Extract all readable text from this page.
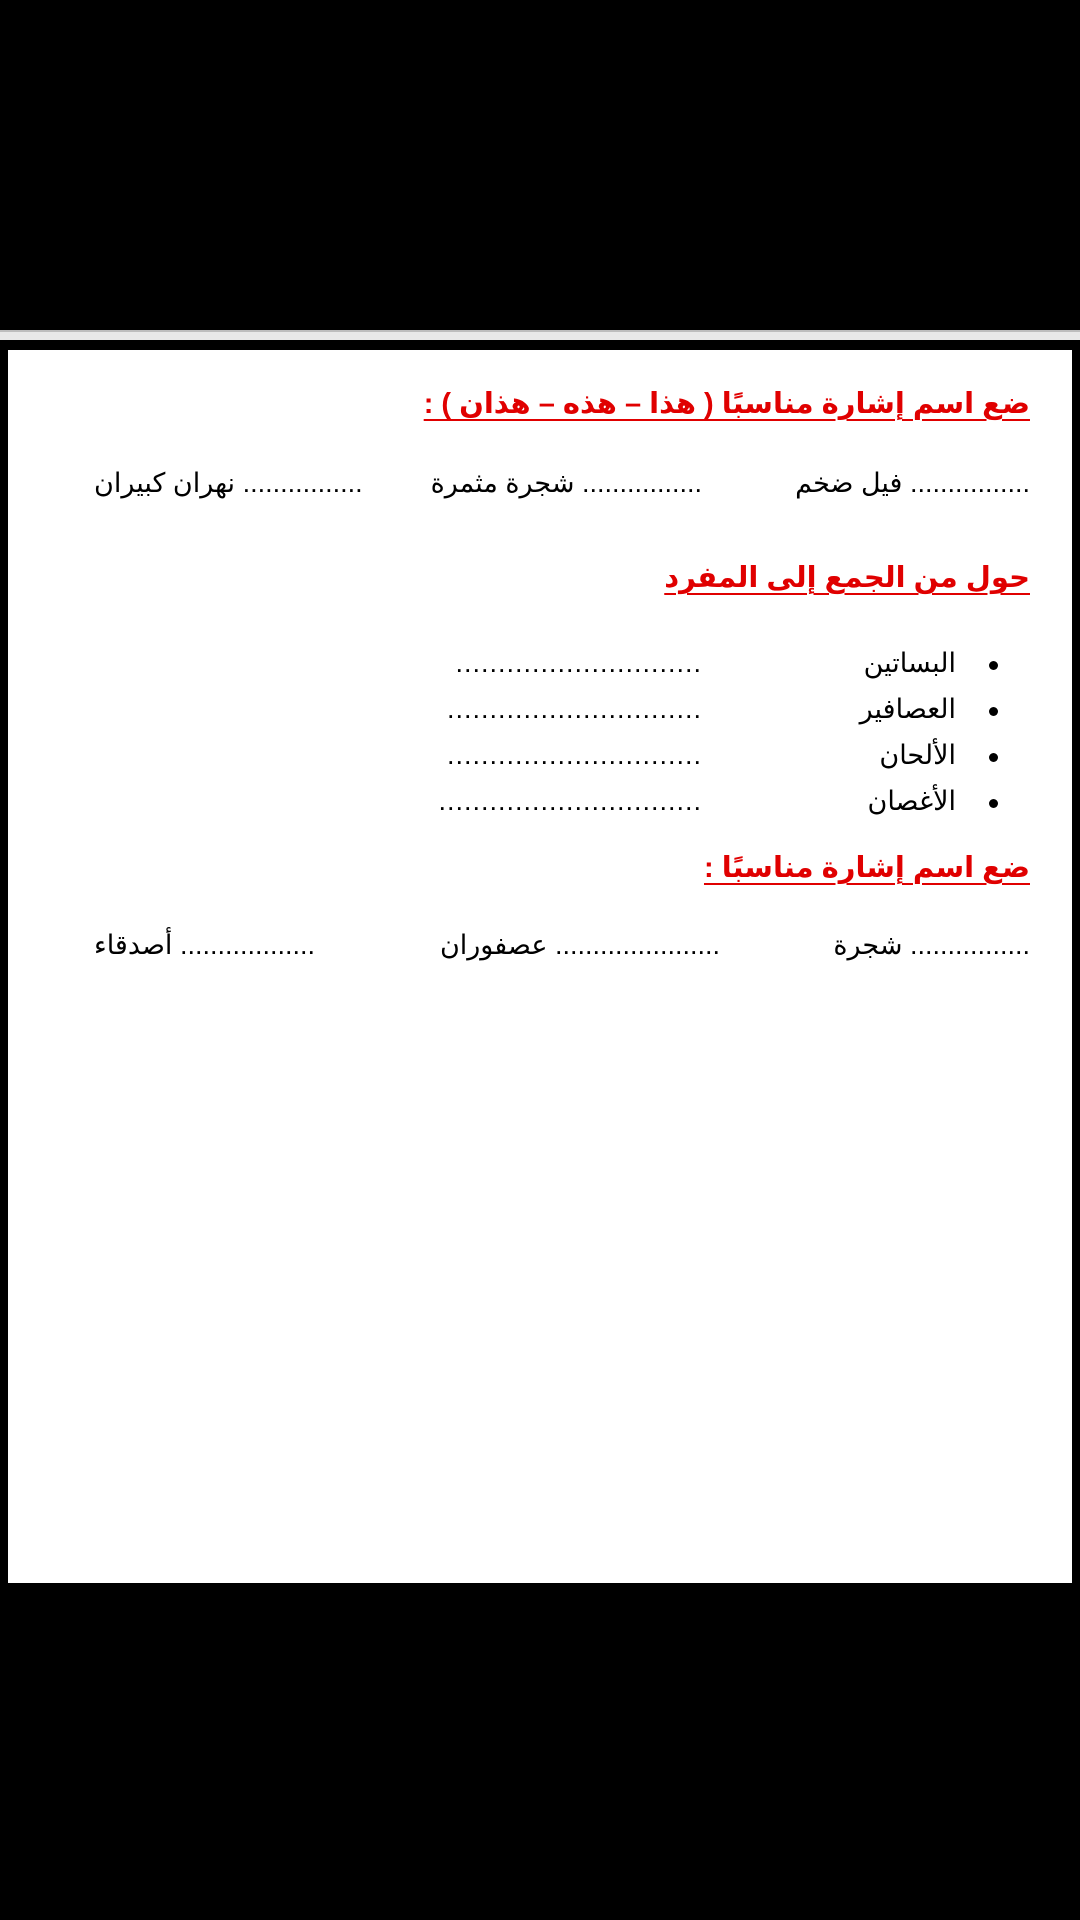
ضع اسم إشارة مناسبًا ( هذا – هذه – هذان ) :
................ فيل ضخم
................ شجرة مثمرة
................ نهران كبيران
حول من الجمع إلى المفرد
البساتين
.............................
العصافير
..............................
الألحان
..............................
الأغصان
...............................
ضع اسم إشارة مناسبًا :
................ شجرة
...................... عصفوران
.................. أصدقاء
